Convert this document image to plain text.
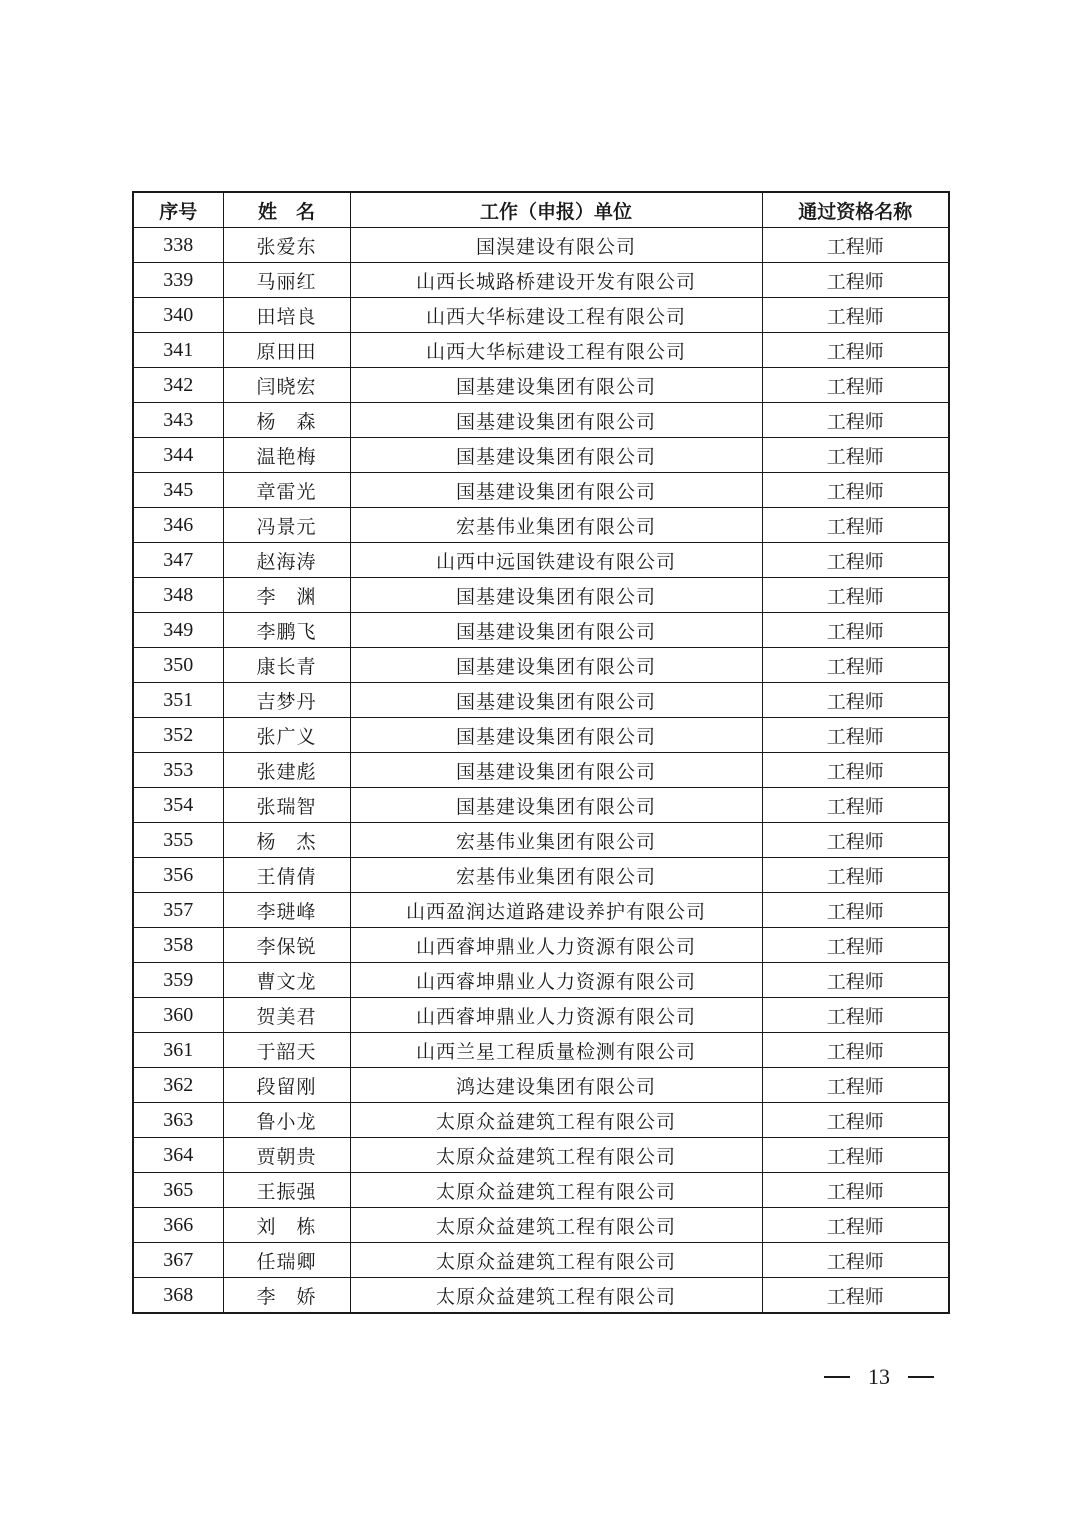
序号	姓　名	工作（申报）单位	通过资格名称
338	张爱东	国淏建设有限公司	工程师
339	马丽红	山西长城路桥建设开发有限公司	工程师
340	田培良	山西大华标建设工程有限公司	工程师
341	原田田	山西大华标建设工程有限公司	工程师
342	闫晓宏	国基建设集团有限公司	工程师
343	杨　森	国基建设集团有限公司	工程师
344	温艳梅	国基建设集团有限公司	工程师
345	章雷光	国基建设集团有限公司	工程师
346	冯景元	宏基伟业集团有限公司	工程师
347	赵海涛	山西中远国铁建设有限公司	工程师
348	李　渊	国基建设集团有限公司	工程师
349	李鹏飞	国基建设集团有限公司	工程师
350	康长青	国基建设集团有限公司	工程师
351	吉梦丹	国基建设集团有限公司	工程师
352	张广义	国基建设集团有限公司	工程师
353	张建彪	国基建设集团有限公司	工程师
354	张瑞智	国基建设集团有限公司	工程师
355	杨　杰	宏基伟业集团有限公司	工程师
356	王倩倩	宏基伟业集团有限公司	工程师
357	李琎峰	山西盈润达道路建设养护有限公司	工程师
358	李保锐	山西睿坤鼎业人力资源有限公司	工程师
359	曹文龙	山西睿坤鼎业人力资源有限公司	工程师
360	贺美君	山西睿坤鼎业人力资源有限公司	工程师
361	于韶天	山西兰星工程质量检测有限公司	工程师
362	段留刚	鸿达建设集团有限公司	工程师
363	鲁小龙	太原众益建筑工程有限公司	工程师
364	贾朝贵	太原众益建筑工程有限公司	工程师
365	王振强	太原众益建筑工程有限公司	工程师
366	刘　栋	太原众益建筑工程有限公司	工程师
367	任瑞卿	太原众益建筑工程有限公司	工程师
368	李　娇	太原众益建筑工程有限公司	工程师
13
